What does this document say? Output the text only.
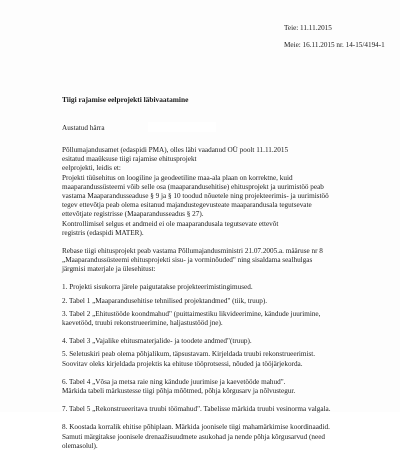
Teie: 11.11.2015
Meie: 16.11.2015 nr. 14-15/4194-1
Tiigi rajamise eelprojekti läbivaatamine
Austatud härra
Põllumajandusamet (edaspidi PMA), olles läbi vaadanud OÜ poolt 11.11.2015
esitatud maaüksuse tiigi rajamise ehitusprojekt
eelprojekti, leidis et:
Projekti tüüsehitus on loogiline ja geodeetiline maa-ala plaan on korrektne, kuid
maaparandussüsteemi võib selle osa (maaparandusehitise) ehitusprojekt ja uurimistöö peab
vastama Maaparandusseaduse § 9 ja § 10 toodud nõuetele ning projekteerimis- ja uurimistöö
tegev ettevõtja peab olema esitanud majandustegevusteate maaparandusala tegutsevate
ettevõtjate registrisse (Maaparandusseadus § 27).
Kontrollimisel selgus et andmeid ei ole maaparandusala tegutsevate ettevõt
registris (edaspidi MATER).
Rebase tiigi ehitusprojekt peab vastama Põllumajandusministri 21.07.2005.a. määruse nr 8
„Maaparandussüsteemi ehitusprojekti sisu- ja vorminõuded" ning sisaldama sealhulgas
järgmisi materjale ja ülesehitust:
1. Projekti sisukorra järele paigutatakse projekteerimistingimused.
2. Tabel 1 „Maaparandusehitise tehnilised projektandmed" (tiik, truup).
3. Tabel 2 „Ehitustööde koondmahud" (puittaimestiku likvideerimine, kändude juurimine,
kaevetööd, truubi rekonstrueerimine, haljastustööd jne).
4. Tabel 3 „Vajalike ehitusmaterjalide- ja toodete andmed"(truup).
5. Seletuskiri peab olema põhjalikum, täpsustavam. Kirjeldada truubi rekonstrueerimist.
Soovitav oleks kirjeldada projektis ka ehituse tööprotsessi, nõuded ja tööjärjekorda.
6. Tabel 4 „Võsa ja metsa raie ning kändude juurimise ja kaevetööde mahud".
Märkida tabeli märkustesse tiigi põhja mõõtmed, põhja kõrgusarv ja nõlvustegur.
7. Tabel 5 „Rekonstrueeritava truubi töömahud". Tabelisse märkida truubi vesinorma valgala.
8. Koostada korralik ehitise põhiplaan. Märkida joonisele tiigi mahamärkimise koordinaadid.
Samuti märgitakse joonisele drenaažisuudmete asukohad ja nende põhja kõrgusarvud (need
olemasolul).
